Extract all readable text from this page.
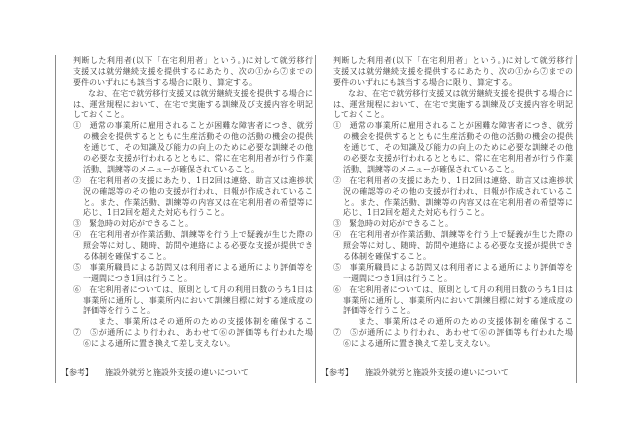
判断した利用者(以下「在宅利用者」という。)に対して就労移行
支援又は就労継続支援を提供するにあたり、次の①から⑦までの
要件のいずれにも該当する場合に限り、算定する。
なお、在宅で就労移行支援又は就労継続支援を提供する場合に
は、運営規程において、在宅で実施する訓練及び支援内容を明記
しておくこと。
①　通常の事業所に雇用されることが困難な障害者につき、就労
の機会を提供するとともに生産活動その他の活動の機会の提供
を通じて、その知識及び能力の向上のために必要な訓練その他
の必要な支援が行われるとともに、常に在宅利用者が行う作業
活動、訓練等のメニューが確保されていること。
②　在宅利用者の支援にあたり、1日2回は連絡、助言又は進捗状
況の確認等のその他の支援が行われ、日報が作成されているこ
と。また、作業活動、訓練等の内容又は在宅利用者の希望等に
応じ、1日2回を超えた対応も行うこと。
③　緊急時の対応ができること。
④　在宅利用者が作業活動、訓練等を行う上で疑義が生じた際の
照会等に対し、随時、訪問や連絡による必要な支援が提供でき
る体制を確保すること。
⑤　事業所職員による訪問又は利用者による通所により評価等を
一週間につき1回は行うこと。
⑥　在宅利用者については、原則として月の利用日数のうち1日は
事業所に通所し、事業所内において訓練目標に対する達成度の
評価等を行うこと。
また、事業所はその通所のための支援体制を確保するこ
⑦　⑤が通所により行われ、あわせて⑥の評価等も行われた場
⑥による通所に置き換えて差し支えない。
判断した利用者(以下「在宅利用者」という。)に対して就労移行
支援又は就労継続支援を提供するにあたり、次の①から⑦までの
要件のいずれにも該当する場合に限り、算定する。
なお、在宅で就労移行支援又は就労継続支援を提供する場合に
は、運営規程において、在宅で実施する訓練及び支援内容を明記
しておくこと。
①　通常の事業所に雇用されることが困難な障害者につき、就労
の機会を提供するとともに生産活動その他の活動の機会の提供
を通じて、その知識及び能力の向上のために必要な訓練その他
の必要な支援が行われるとともに、常に在宅利用者が行う作業
活動、訓練等のメニューが確保されていること。
②　在宅利用者の支援にあたり、1日2回は連絡、助言又は進捗状
況の確認等のその他の支援が行われ、日報が作成されているこ
と。また、作業活動、訓練等の内容又は在宅利用者の希望等に
応じ、1日2回を超えた対応も行うこと。
③　緊急時の対応ができること。
④　在宅利用者が作業活動、訓練等を行う上で疑義が生じた際の
照会等に対し、随時、訪問や連絡による必要な支援が提供でき
る体制を確保すること。
⑤　事業所職員による訪問又は利用者による通所により評価等を
一週間につき1回は行うこと。
⑥　在宅利用者については、原則として月の利用日数のうち1日は
事業所に通所し、事業所内において訓練目標に対する達成度の
評価等を行うこと。
また、事業所はその通所のための支援体制を確保するこ
⑦　⑤が通所により行われ、あわせて⑥の評価等も行われた場
⑥による通所に置き換えて差し支えない。
【参考】 施設外就労と施設外支援の違いについて	【参考】 施設外就労と施設外支援の違いについて
